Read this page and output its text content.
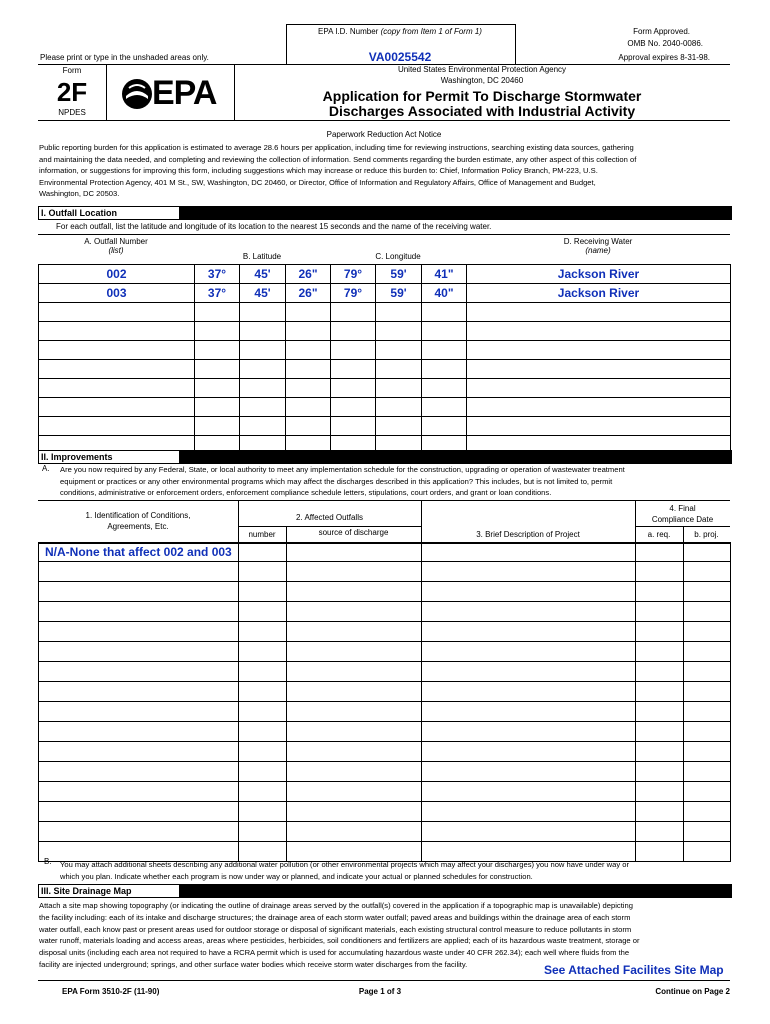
EPA I.D. Number (copy from Item 1 of Form 1)
VA0025542
Form Approved.
OMB No. 2040-0086.
Approval expires 8-31-98.
Please print or type in the unshaded areas only.
Form
2F
NPDES
EPA
United States Environmental Protection Agency
Washington, DC 20460
Application for Permit To Discharge Stormwater
Discharges Associated with Industrial Activity
Paperwork Reduction Act Notice
Public reporting burden for this application is estimated to average 28.6 hours per application, including time for reviewing instructions, searching existing data sources, gathering
and maintaining the data needed, and completing and reviewing the collection of information. Send comments regarding the burden estimate, any other aspect of this collection of
information, or suggestions for improving this form, including suggestions which may increase or reduce this burden to: Chief, Information Policy Branch, PM-223, U.S.
Environmental Protection Agency, 401 M St., SW, Washington, DC 20460, or Director, Office of Information and Regulatory Affairs, Office of Management and Budget,
Washington, DC 20503.
I. Outfall Location
For each outfall, list the latitude and longitude of its location to the nearest 15 seconds and the name of the receiving water.
A. Outfall Number
(list)
B. Latitude	C. Longitude
D. Receiving Water
(name)
002	37°	45'	26"	79°	59'	41"	Jackson River
003	37°	45'	26"	79°	59'	40"	Jackson River

II. Improvements
A. Are you now required by any Federal, State, or local authority to meet any implementation schedule for the construction, upgrading or operation of wastewater treatment
equipment or practices or any other environmental programs which may affect the discharges described in this application? This includes, but is not limited to, permit
conditions, administrative or enforcement orders, enforcement compliance schedule letters, stipulations, court orders, and grant or loan conditions.
1. Identification of Conditions,
Agreements, Etc.
2. Affected Outfalls
number	source of discharge	3. Brief Description of Project
4. Final
Compliance Date
a. req.	b. proj.
N/A-None that affect 002 and 003					

B. You may attach additional sheets describing any additional water pollution (or other environmental projects which may affect your discharges) you now have under way or
which you plan. Indicate whether each program is now under way or planned, and indicate your actual or planned schedules for construction.
III. Site Drainage Map
Attach a site map showing topography (or indicating the outline of drainage areas served by the outfall(s) covered in the application if a topographic map is unavailable) depicting
the facility including: each of its intake and discharge structures; the drainage area of each storm water outfall; paved areas and buildings within the drainage area of each storm
water outfall, each know past or present areas used for outdoor storage or disposal of significant materials, each existing structural control measure to reduce pollutants in storm
water runoff, materials loading and access areas, areas where pesticides, herbicides, soil conditioners and fertilizers are applied; each of its hazardous waste treatment, storage or
disposal units (including each area not required to have a RCRA permit which is used for accumulating hazardous waste under 40 CFR 262.34); each well where fluids from the
facility are injected underground; springs, and other surface water bodies which receive storm water discharges from the facility.	See Attached Facilites Site Map
EPA Form 3510-2F (11-90)	Page 1 of 3	Continue on Page 2
